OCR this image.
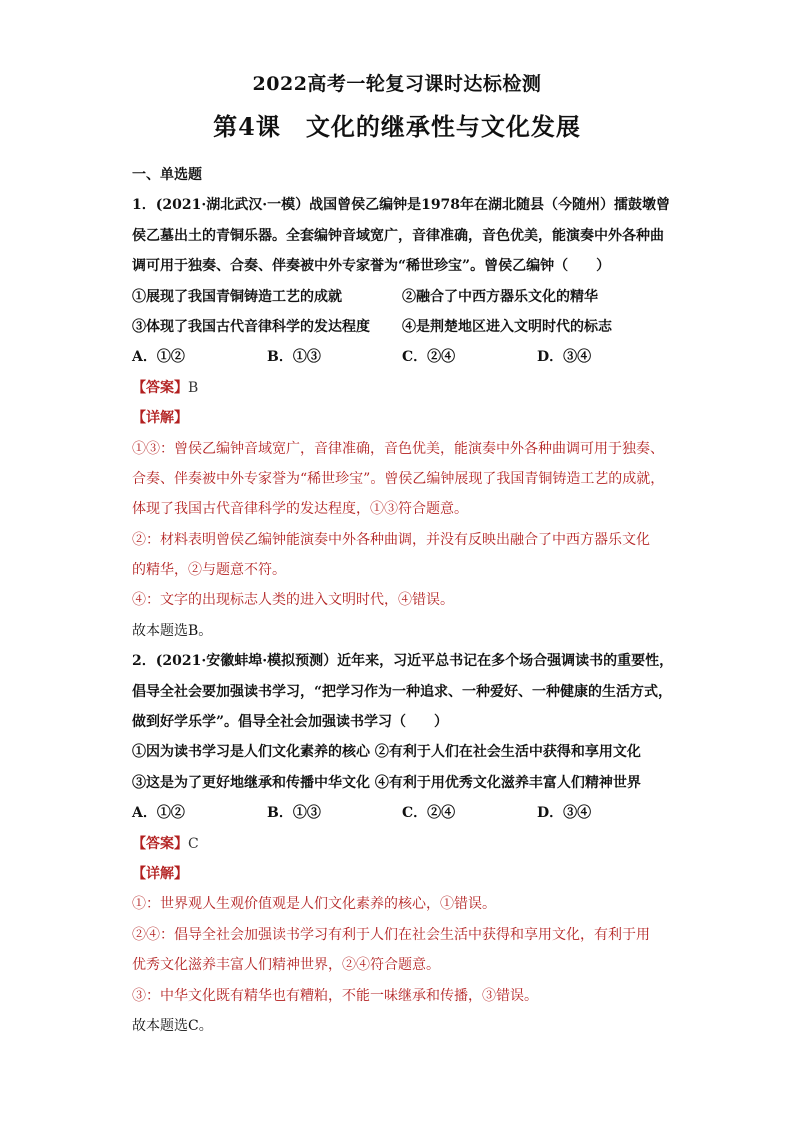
2022高考一轮复习课时达标检测
第4课　文化的继承性与文化发展
一、单选题
1．(2021·湖北武汉·一模）战国曾侯乙编钟是1978年在湖北随县（今随州）擂鼓墩曾
侯乙墓出土的青铜乐器。全套编钟音域宽广，音律准确，音色优美，能演奏中外各种曲
调可用于独奏、合奏、伴奏被中外专家誉为“稀世珍宝”。曾侯乙编钟（　　）
①展现了我国青铜铸造工艺的成就	②融合了中西方器乐文化的精华
③体现了我国古代音律科学的发达程度	④是荆楚地区进入文明时代的标志
A．①②	B．①③	C．②④	D．③④
【答案】B
【详解】
①③：曾侯乙编钟音域宽广，音律准确，音色优美，能演奏中外各种曲调可用于独奏、
合奏、伴奏被中外专家誉为“稀世珍宝”。曾侯乙编钟展现了我国青铜铸造工艺的成就，
体现了我国古代音律科学的发达程度，①③符合题意。
②：材料表明曾侯乙编钟能演奏中外各种曲调，并没有反映出融合了中西方器乐文化
的精华，②与题意不符。
④：文字的出现标志人类的进入文明时代，④错误。
故本题选B。
2．(2021·安徽蚌埠·模拟预测）近年来，习近平总书记在多个场合强调读书的重要性，
倡导全社会要加强读书学习，“把学习作为一种追求、一种爱好、一种健康的生活方式，
做到好学乐学”。倡导全社会加强读书学习（　　）
①因为读书学习是人们文化素养的核心 ②有利于人们在社会生活中获得和享用文化
③这是为了更好地继承和传播中华文化 ④有利于用优秀文化滋养丰富人们精神世界
A．①②	B．①③	C．②④	D．③④
【答案】C
【详解】
①：世界观人生观价值观是人们文化素养的核心，①错误。
②④：倡导全社会加强读书学习有利于人们在社会生活中获得和享用文化，有利于用
优秀文化滋养丰富人们精神世界，②④符合题意。
③：中华文化既有精华也有糟粕，不能一味继承和传播，③错误。
故本题选C。
